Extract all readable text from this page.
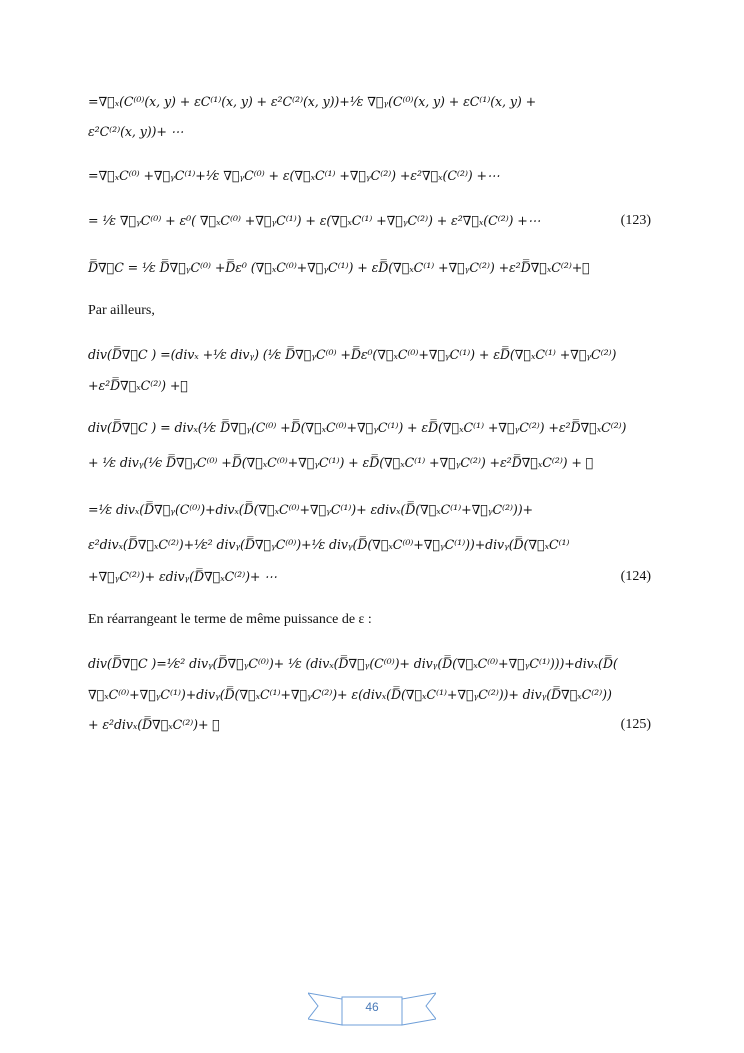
=∇⃗ₓ(C⁽⁰⁾(x, y) + εC⁽¹⁾(x, y) + ε²C⁽²⁾(x, y))+¹⁄ε ∇⃗ᵧ(C⁽⁰⁾(x, y) + εC⁽¹⁾(x, y) +
ε²C⁽²⁾(x, y))+ ⋯
=∇⃗ₓC⁽⁰⁾ +∇⃗ᵧC⁽¹⁾+¹⁄ε ∇⃗ᵧC⁽⁰⁾ + ε(∇⃗ₓC⁽¹⁾ +∇⃗ᵧC⁽²⁾) +ε²∇⃗ₓ(C⁽²⁾) +⋯
= ¹⁄ε ∇⃗ᵧC⁽⁰⁾ + ε⁰( ∇⃗ₓC⁽⁰⁾ +∇⃗ᵧC⁽¹⁾) + ε(∇⃗ₓC⁽¹⁾ +∇⃗ᵧC⁽²⁾) + ε²∇⃗ₓ(C⁽²⁾) +⋯	(123)
D̿∇⃗C = ¹⁄ε D̿∇⃗ᵧC⁽⁰⁾ +D̿ε⁰ (∇⃗ₓC⁽⁰⁾+∇⃗ᵧC⁽¹⁾) + εD̿(∇⃗ₓC⁽¹⁾ +∇⃗ᵧC⁽²⁾) +ε²D̿∇⃗ₓC⁽²⁾+⋯
Par ailleurs,
div(D̿∇⃗C ) =(divₓ +¹⁄ε divᵧ) (¹⁄ε D̿∇⃗ᵧC⁽⁰⁾ +D̿ε⁰(∇⃗ₓC⁽⁰⁾+∇⃗ᵧC⁽¹⁾) + εD̿(∇⃗ₓC⁽¹⁾ +∇⃗ᵧC⁽²⁾)
+ε²D̿∇⃗ₓC⁽²⁾) +⋯
div(D̿∇⃗C ) = divₓ(¹⁄ε D̿∇⃗ᵧ(C⁽⁰⁾ +D̿(∇⃗ₓC⁽⁰⁾+∇⃗ᵧC⁽¹⁾) + εD̿(∇⃗ₓC⁽¹⁾ +∇⃗ᵧC⁽²⁾) +ε²D̿∇⃗ₓC⁽²⁾)
+ ¹⁄ε divᵧ(¹⁄ϵ D̿∇⃗ᵧC⁽⁰⁾ +D̿(∇⃗ₓC⁽⁰⁾+∇⃗ᵧC⁽¹⁾) + εD̿(∇⃗ₓC⁽¹⁾ +∇⃗ᵧC⁽²⁾) +ε²D̿∇⃗ₓC⁽²⁾) + ⋯
=¹⁄ε divₓ(D̿∇⃗ᵧ(C⁽⁰⁾)+divₓ(D̿(∇⃗ₓC⁽⁰⁾+∇⃗ᵧC⁽¹⁾)+ εdivₓ(D̿(∇⃗ₓC⁽¹⁾+∇⃗ᵧC⁽²⁾))+
ε²divₓ(D̿∇⃗ₓC⁽²⁾)+¹⁄ε² divᵧ(D̿∇⃗ᵧC⁽⁰⁾)+¹⁄ε divᵧ(D̿(∇⃗ₓC⁽⁰⁾+∇⃗ᵧC⁽¹⁾))+divᵧ(D̿(∇⃗ₓC⁽¹⁾
+∇⃗ᵧC⁽²⁾)+ εdivᵧ(D̿∇⃗ₓC⁽²⁾)+ ⋯	(124)
En réarrangeant le terme de même puissance de ε :
div(D̿∇⃗C )=¹⁄ε² divᵧ(D̿∇⃗ᵧC⁽⁰⁾)+ ¹⁄ε (divₓ(D̿∇⃗ᵧ(C⁽⁰⁾)+ divᵧ(D̿(∇⃗ₓC⁽⁰⁾+∇⃗ᵧC⁽¹⁾)))+divₓ(D̿(
∇⃗ₓC⁽⁰⁾+∇⃗ᵧC⁽¹⁾)+divᵧ(D̿(∇⃗ₓC⁽¹⁾+∇⃗ᵧC⁽²⁾)+ ε(divₓ(D̿(∇⃗ₓC⁽¹⁾+∇⃗ᵧC⁽²⁾))+ divᵧ(D̿∇⃗ₓC⁽²⁾))
+ ε²divₓ(D̿∇⃗ₓC⁽²⁾)+ ⋯	(125)
46
